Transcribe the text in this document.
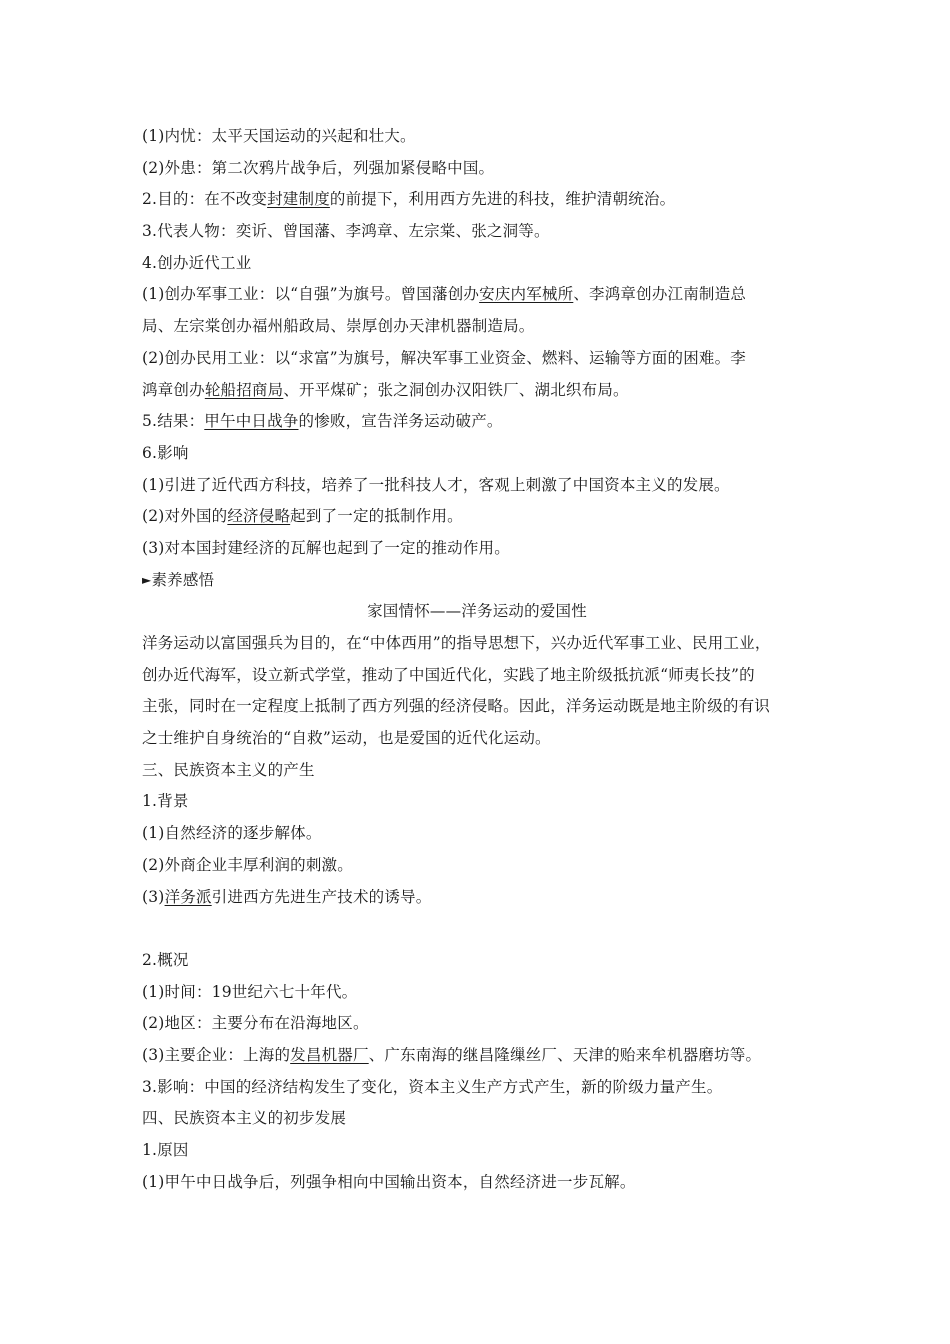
(1)内忧：太平天国运动的兴起和壮大。
(2)外患：第二次鸦片战争后，列强加紧侵略中国。
2.目的：在不改变封建制度的前提下，利用西方先进的科技，维护清朝统治。
3.代表人物：奕䜣、曾国藩、李鸿章、左宗棠、张之洞等。
4.创办近代工业
(1)创办军事工业：以“自强”为旗号。曾国藩创办安庆内军械所、李鸿章创办江南制造总
局、左宗棠创办福州船政局、崇厚创办天津机器制造局。
(2)创办民用工业：以“求富”为旗号，解决军事工业资金、燃料、运输等方面的困难。李
鸿章创办轮船招商局、开平煤矿；张之洞创办汉阳铁厂、湖北织布局。
5.结果：甲午中日战争的惨败，宣告洋务运动破产。
6.影响
(1)引进了近代西方科技，培养了一批科技人才，客观上刺激了中国资本主义的发展。
(2)对外国的经济侵略起到了一定的抵制作用。
(3)对本国封建经济的瓦解也起到了一定的推动作用。
►素养感悟
家国情怀——洋务运动的爱国性
洋务运动以富国强兵为目的，在“中体西用”的指导思想下，兴办近代军事工业、民用工业，
创办近代海军，设立新式学堂，推动了中国近代化，实践了地主阶级抵抗派“师夷长技”的
主张，同时在一定程度上抵制了西方列强的经济侵略。因此，洋务运动既是地主阶级的有识
之士维护自身统治的“自救”运动，也是爱国的近代化运动。
三、民族资本主义的产生
1.背景
(1)自然经济的逐步解体。
(2)外商企业丰厚利润的刺激。
(3)洋务派引进西方先进生产技术的诱导。
2.概况
(1)时间：19世纪六七十年代。
(2)地区：主要分布在沿海地区。
(3)主要企业：上海的发昌机器厂、广东南海的继昌隆缫丝厂、天津的贻来牟机器磨坊等。
3.影响：中国的经济结构发生了变化，资本主义生产方式产生，新的阶级力量产生。
四、民族资本主义的初步发展
1.原因
(1)甲午中日战争后，列强争相向中国输出资本，自然经济进一步瓦解。
